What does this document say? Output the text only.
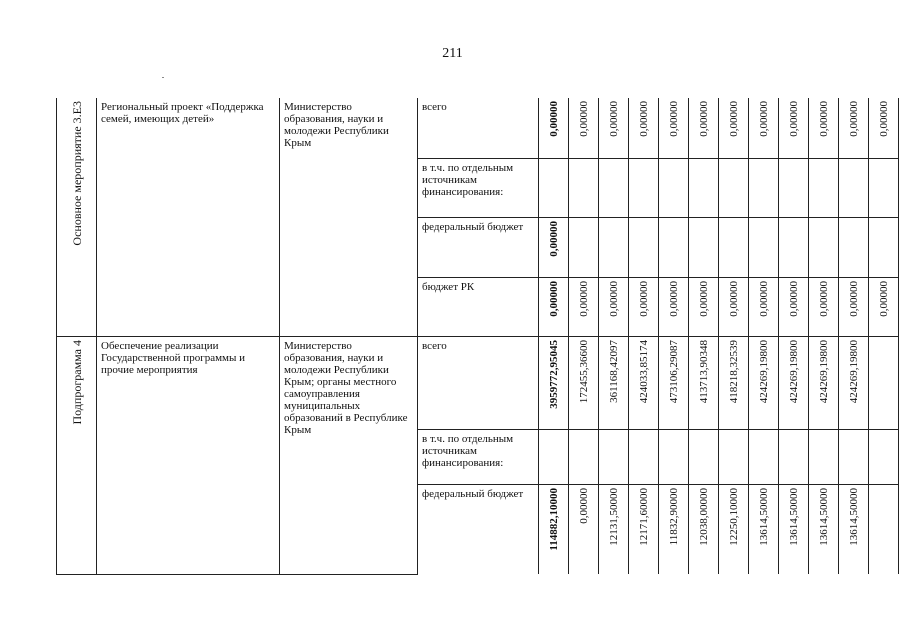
211
Основное мероприятие 3.Е3	Региональный проект «Поддержка семей, имеющих детей»	Министерство образования, науки и молодежи Республики Крым	всего	0,00000	0,00000	0,00000	0,00000	0,00000	0,00000	0,00000	0,00000	0,00000	0,00000	0,00000	0,00000

			в т.ч. по отдельным источникам финансирования:												

			федеральный бюджет	0,00000											

			бюджет РК	0,00000	0,00000	0,00000	0,00000	0,00000	0,00000	0,00000	0,00000	0,00000	0,00000	0,00000	0,00000

Подпрограмма 4	Обеспечение реализации Государственной программы и прочие мероприятия	Министерство образования, науки и молодежи Республики Крым; органы местного самоуправления муниципальных образований в Республике Крым	всего	3959772,95045	172455,36600	361168,42097	424033,85174	473106,29087	413713,90348	418218,32539	424269,19800	424269,19800	424269,19800	424269,19800	

			в т.ч. по отдельным источникам финансирования:												

			федеральный бюджет	114882,10000	0,00000	12131,50000	12171,60000	11832,90000	12038,00000	12250,10000	13614,50000	13614,50000	13614,50000	13614,50000	
